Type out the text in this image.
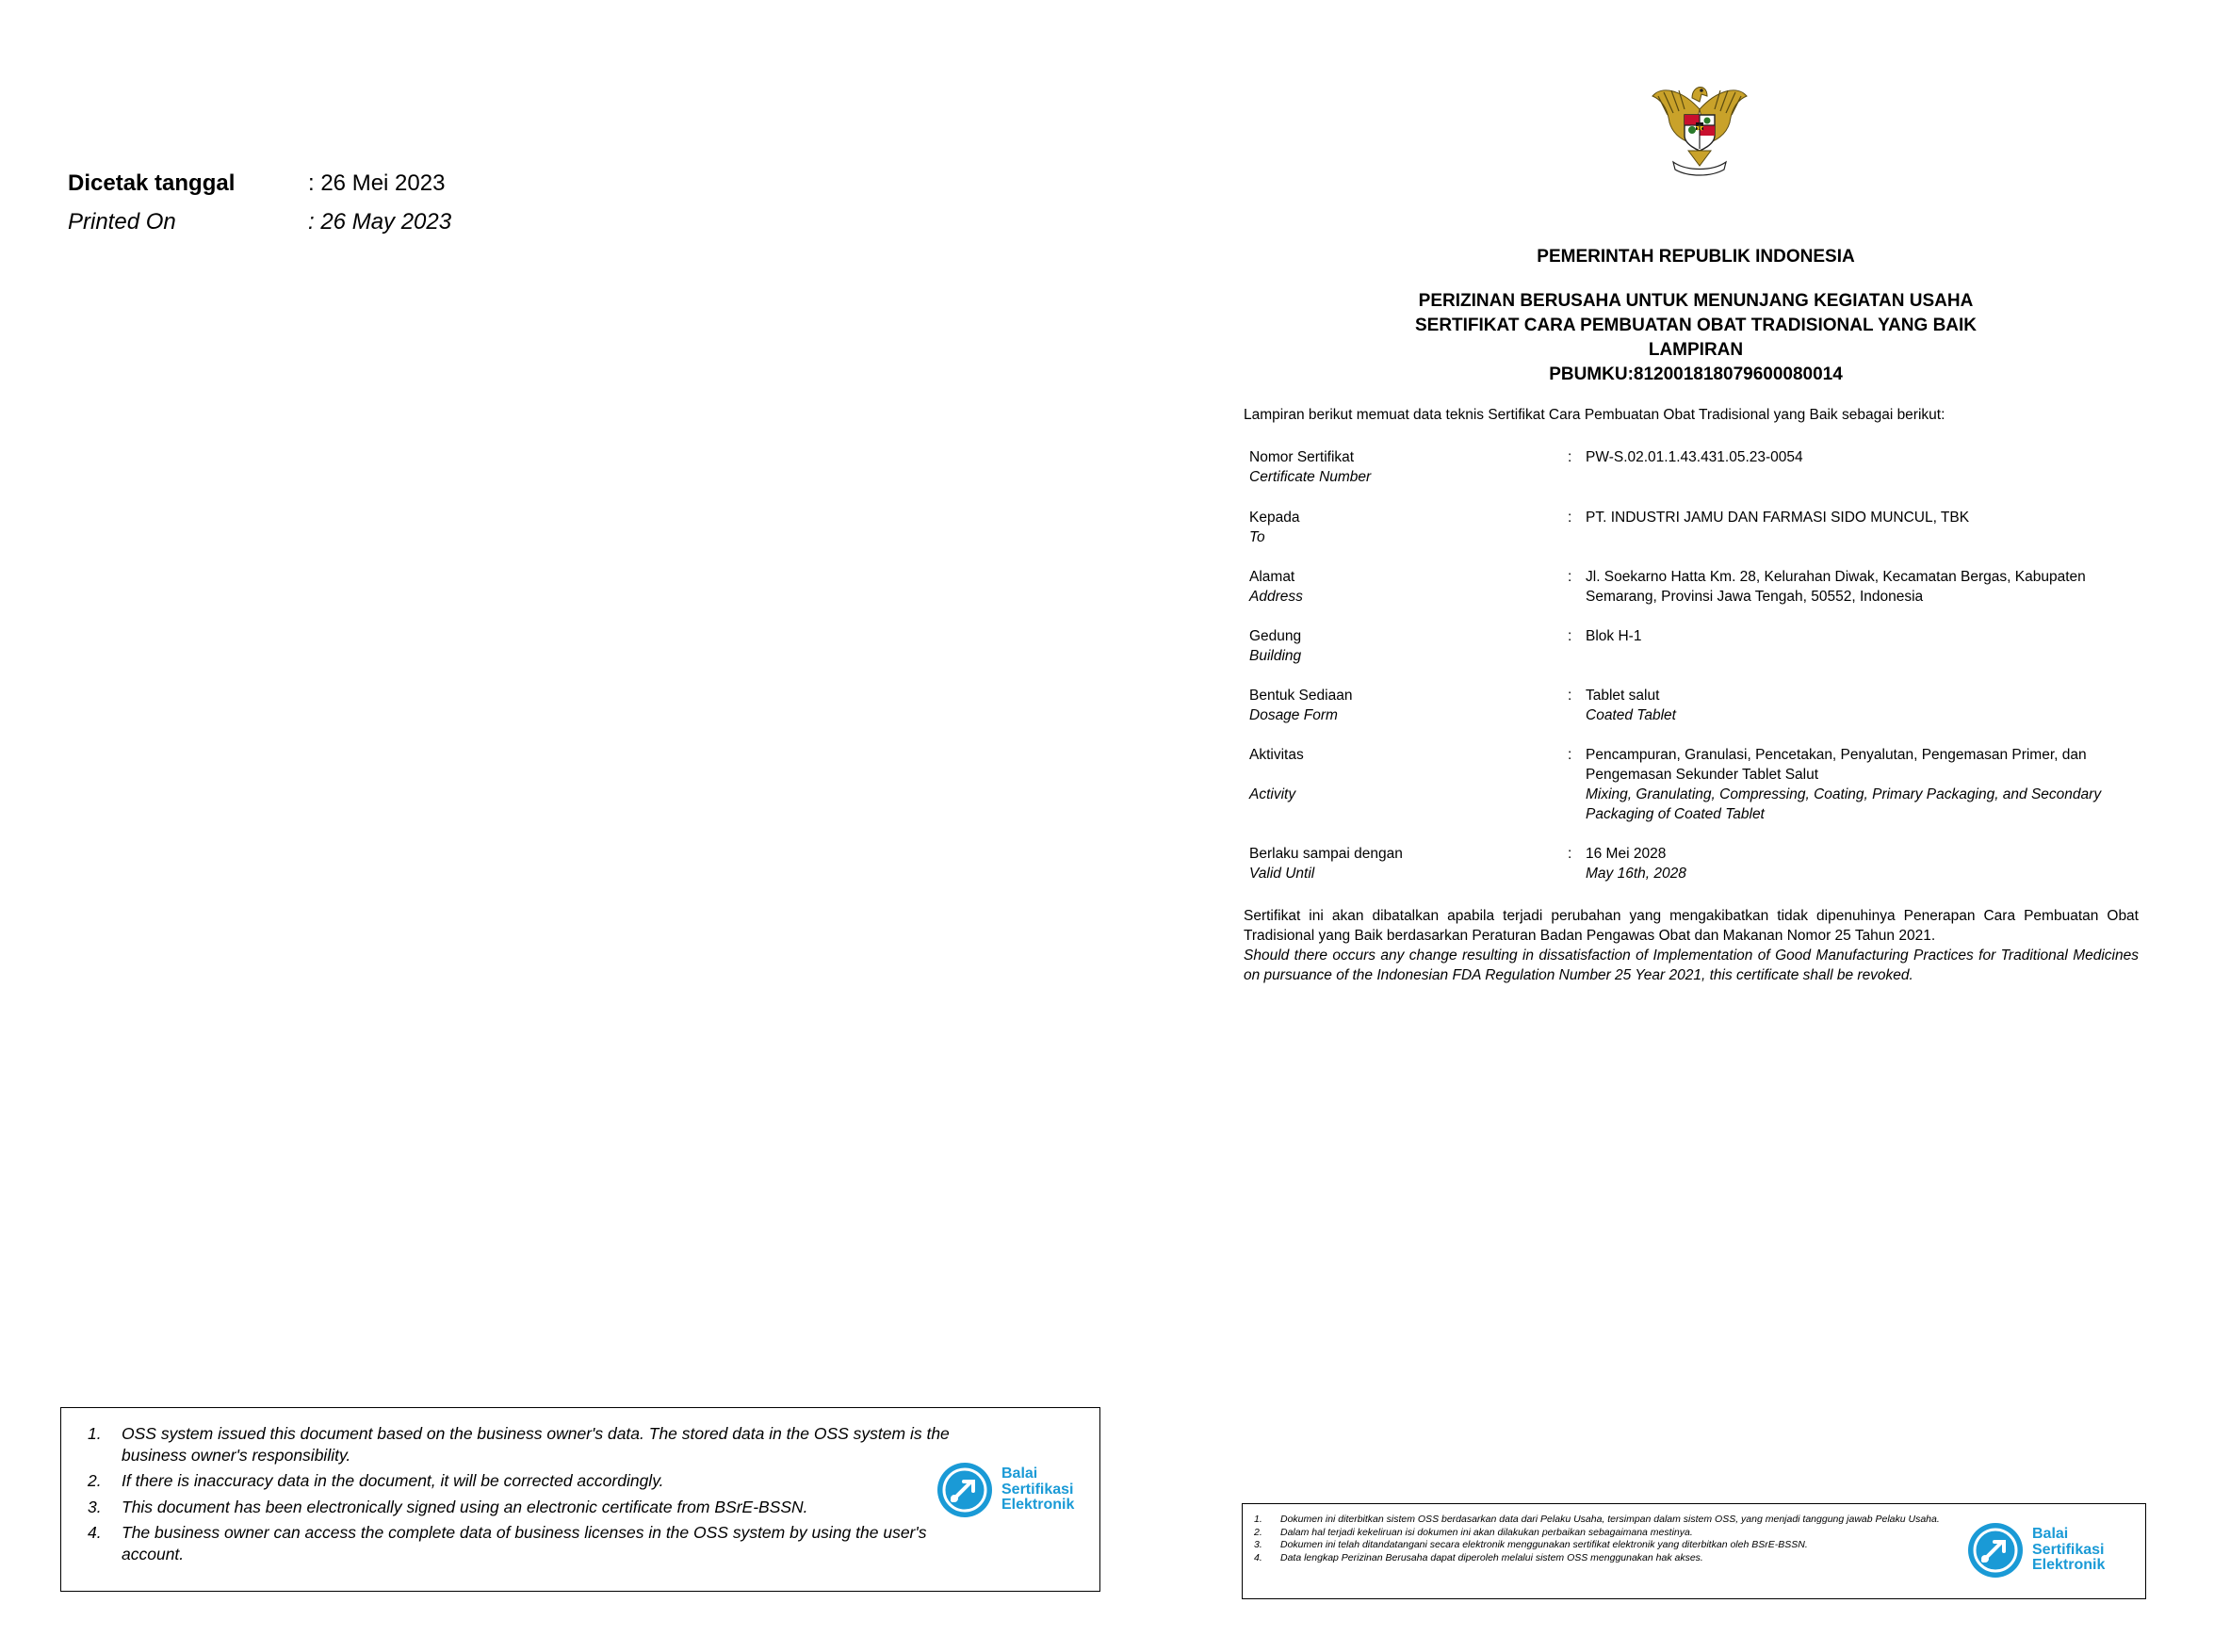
Dicetak tanggal	: 26 Mei 2023
Printed On	: 26 May 2023
PEMERINTAH REPUBLIK INDONESIA
PERIZINAN BERUSAHA UNTUK MENUNJANG KEGIATAN USAHA
SERTIFIKAT CARA PEMBUATAN OBAT TRADISIONAL YANG BAIK
LAMPIRAN
PBUMKU:812001818079600080014
Lampiran berikut memuat data teknis Sertifikat Cara Pembuatan Obat Tradisional yang Baik sebagai berikut:
Nomor Sertifikat
Certificate Number
: PW-S.02.01.1.43.431.05.23-0054
Kepada
To
: PT. INDUSTRI JAMU DAN FARMASI SIDO MUNCUL, TBK
Alamat
Address
: Jl. Soekarno Hatta Km. 28, Kelurahan Diwak, Kecamatan Bergas, Kabupaten Semarang, Provinsi Jawa Tengah, 50552, Indonesia
Gedung
Building
: Blok H-1
Bentuk Sediaan
Dosage Form
: Tablet salut
Coated Tablet
Aktivitas
Activity
: Pencampuran, Granulasi, Pencetakan, Penyalutan, Pengemasan Primer, dan Pengemasan Sekunder Tablet Salut
Mixing, Granulating, Compressing, Coating, Primary Packaging, and Secondary Packaging of Coated Tablet
Berlaku sampai dengan
Valid Until
: 16 Mei 2028
May 16th, 2028
Sertifikat ini akan dibatalkan apabila terjadi perubahan yang mengakibatkan tidak dipenuhinya Penerapan Cara Pembuatan Obat Tradisional yang Baik berdasarkan Peraturan Badan Pengawas Obat dan Makanan Nomor 25 Tahun 2021.
Should there occurs any change resulting in dissatisfaction of Implementation of Good Manufacturing Practices for Traditional Medicines on pursuance of the Indonesian FDA Regulation Number 25 Year 2021, this certificate shall be revoked.
1. OSS system issued this document based on the business owner's data. The stored data in the OSS system is the business owner's responsibility.
2. If there is inaccuracy data in the document, it will be corrected accordingly.
3. This document has been electronically signed using an electronic certificate from BSrE-BSSN.
4. The business owner can access the complete data of business licenses in the OSS system by using the user's account.
Balai
Sertifikasi
Elektronik
1. Dokumen ini diterbitkan sistem OSS berdasarkan data dari Pelaku Usaha, tersimpan dalam sistem OSS, yang menjadi tanggung jawab Pelaku Usaha.
2. Dalam hal terjadi kekeliruan isi dokumen ini akan dilakukan perbaikan sebagaimana mestinya.
3. Dokumen ini telah ditandatangani secara elektronik menggunakan sertifikat elektronik yang diterbitkan oleh BSrE-BSSN.
4. Data lengkap Perizinan Berusaha dapat diperoleh melalui sistem OSS menggunakan hak akses.
Balai
Sertifikasi
Elektronik
